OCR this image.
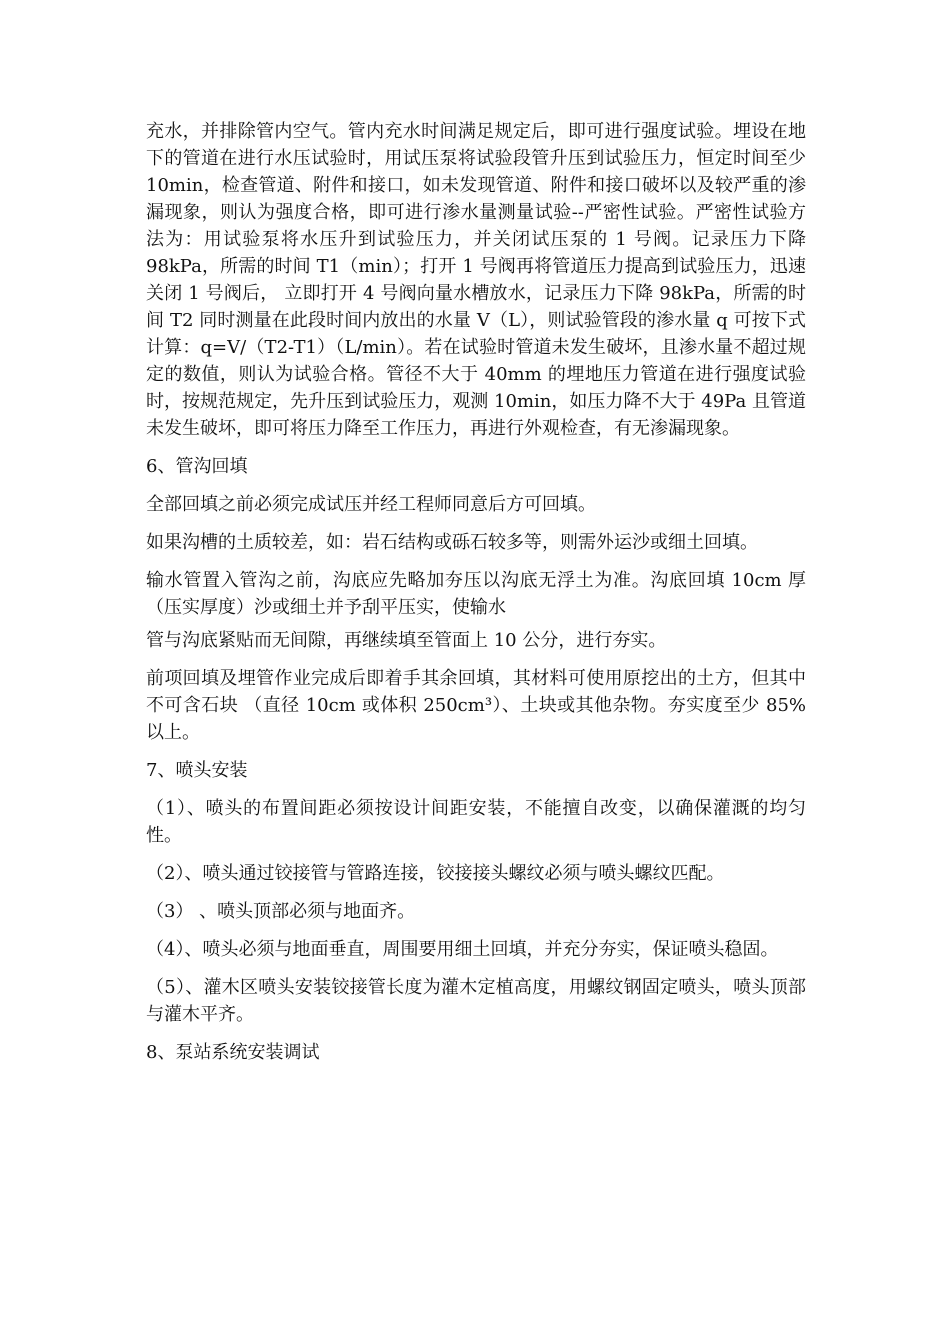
充水，并排除管内空气。管内充水时间满足规定后，即可进行强度试验。埋设在地下的管道在进行水压试验时，用试压泵将试验段管升压到试验压力，恒定时间至少 10min，检查管道、附件和接口，如未发现管道、附件和接口破坏以及较严重的渗漏现象，则认为强度合格，即可进行渗水量测量试验--严密性试验。严密性试验方法为：用试验泵将水压升到试验压力，并关闭试压泵的 1 号阀。记录压力下降 98kPa，所需的时间 T1（min）；打开 1 号阀再将管道压力提高到试验压力，迅速关闭 1 号阀后， 立即打开 4 号阀向量水槽放水，记录压力下降 98kPa，所需的时间 T2 同时测量在此段时间内放出的水量 V（L），则试验管段的渗水量 q 可按下式计算：q=V/（T2-T1）（L/min）。若在试验时管道未发生破坏，且渗水量不超过规定的数值，则认为试验合格。管径不大于 40mm 的埋地压力管道在进行强度试验时，按规范规定，先升压到试验压力，观测 10min，如压力降不大于 49Pa 且管道未发生破坏，即可将压力降至工作压力，再进行外观检查，有无渗漏现象。

6、管沟回填

全部回填之前必须完成试压并经工程师同意后方可回填。

如果沟槽的土质较差，如：岩石结构或砾石较多等，则需外运沙或细土回填。

输水管置入管沟之前，沟底应先略加夯压以沟底无浮土为准。沟底回填 10cm 厚（压实厚度）沙或细土并予刮平压实，使输水

管与沟底紧贴而无间隙，再继续填至管面上 10 公分，进行夯实。

前项回填及埋管作业完成后即着手其余回填，其材料可使用原挖出的土方，但其中不可含石块 （直径 10cm 或体积 250cm³）、土块或其他杂物。夯实度至少 85%以上。

7、喷头安装

（1）、喷头的布置间距必须按设计间距安装，不能擅自改变，以确保灌溉的均匀性。

（2）、喷头通过铰接管与管路连接，铰接接头螺纹必须与喷头螺纹匹配。

（3） 、喷头顶部必须与地面齐。

（4）、喷头必须与地面垂直，周围要用细土回填，并充分夯实，保证喷头稳固。

（5）、灌木区喷头安装铰接管长度为灌木定植高度，用螺纹钢固定喷头，喷头顶部与灌木平齐。

8、泵站系统安装调试
